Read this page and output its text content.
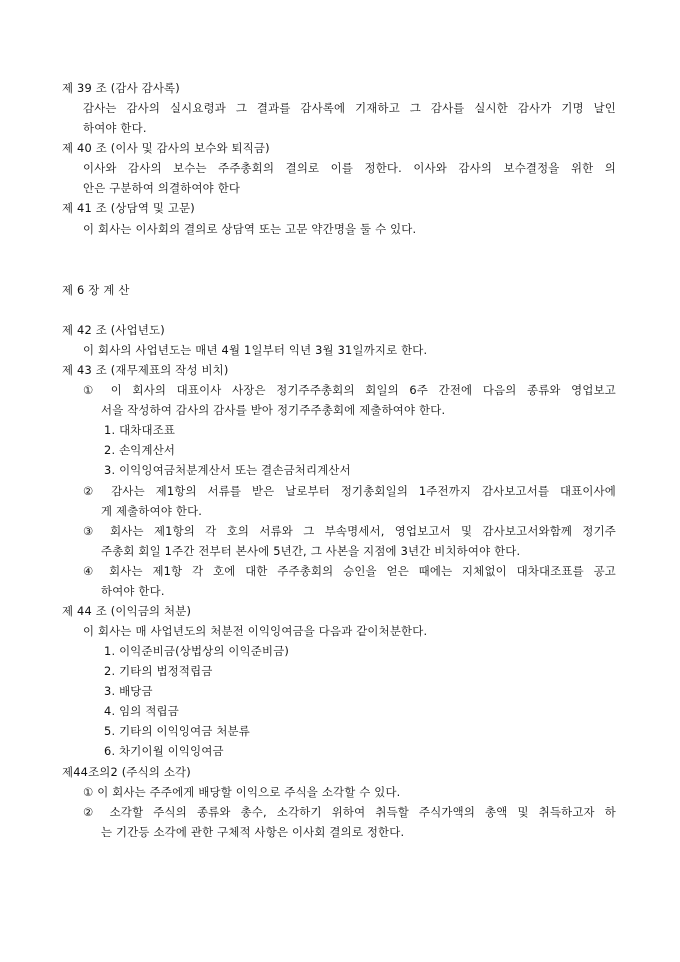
제 39 조 (감사 감사록)
감사는 감사의 실시요령과 그 결과를 감사록에 기재하고 그 감사를 실시한 감사가 기명 날인
하여야 한다.
제 40 조 (이사 및 감사의 보수와 퇴직금)
이사와 감사의 보수는 주주총회의 결의로 이를 정한다. 이사와 감사의 보수결정을 위한 의
안은 구분하여 의결하여야 한다
제 41 조 (상담역 및 고문)
이 회사는 이사회의 결의로 상담역 또는 고문 약간명을 둘 수 있다.
제 6 장 계 산
제 42 조 (사업년도)
이 회사의 사업년도는 매년 4월 1일부터 익년 3월 31일까지로 한다.
제 43 조 (재무제표의 작성 비치)
① 이 회사의 대표이사 사장은 정기주주총회의 회일의 6주 간전에 다음의 종류와 영업보고
서을 작성하여 감사의 감사를 받아 정기주주총회에 제출하여야 한다.
1. 대차대조표
2. 손익계산서
3. 이익잉여금처분계산서 또는 결손금처리계산서
② 감사는 제1항의 서류를 받은 날로부터 정기총회일의 1주전까지 감사보고서를 대표이사에
게 제출하여야 한다.
③ 회사는 제1항의 각 호의 서류와 그 부속명세서, 영업보고서 및 감사보고서와함께 정기주
주총회 회일 1주간 전부터 본사에 5년간, 그 사본을 지점에 3년간 비치하여야 한다.
④ 회사는 제1항 각 호에 대한 주주총회의 승인을 얻은 때에는 지체없이 대차대조표를 공고
하여야 한다.
제 44 조 (이익금의 처분)
이 회사는 매 사업년도의 처분전 이익잉여금을 다음과 같이처분한다.
1. 이익준비금(상법상의 이익준비금)
2. 기타의 법정적립금
3. 배당금
4. 임의 적립금
5. 기타의 이익잉여금 처분류
6. 차기이월 이익잉여금
제44조의2 (주식의 소각)
① 이 회사는 주주에게 배당할 이익으로 주식을 소각할 수 있다.
② 소각할 주식의 종류와 총수, 소각하기 위하여 취득할 주식가액의 총액 및 취득하고자 하
는 기간등 소각에 관한 구체적 사항은 이사회 결의로 정한다.
